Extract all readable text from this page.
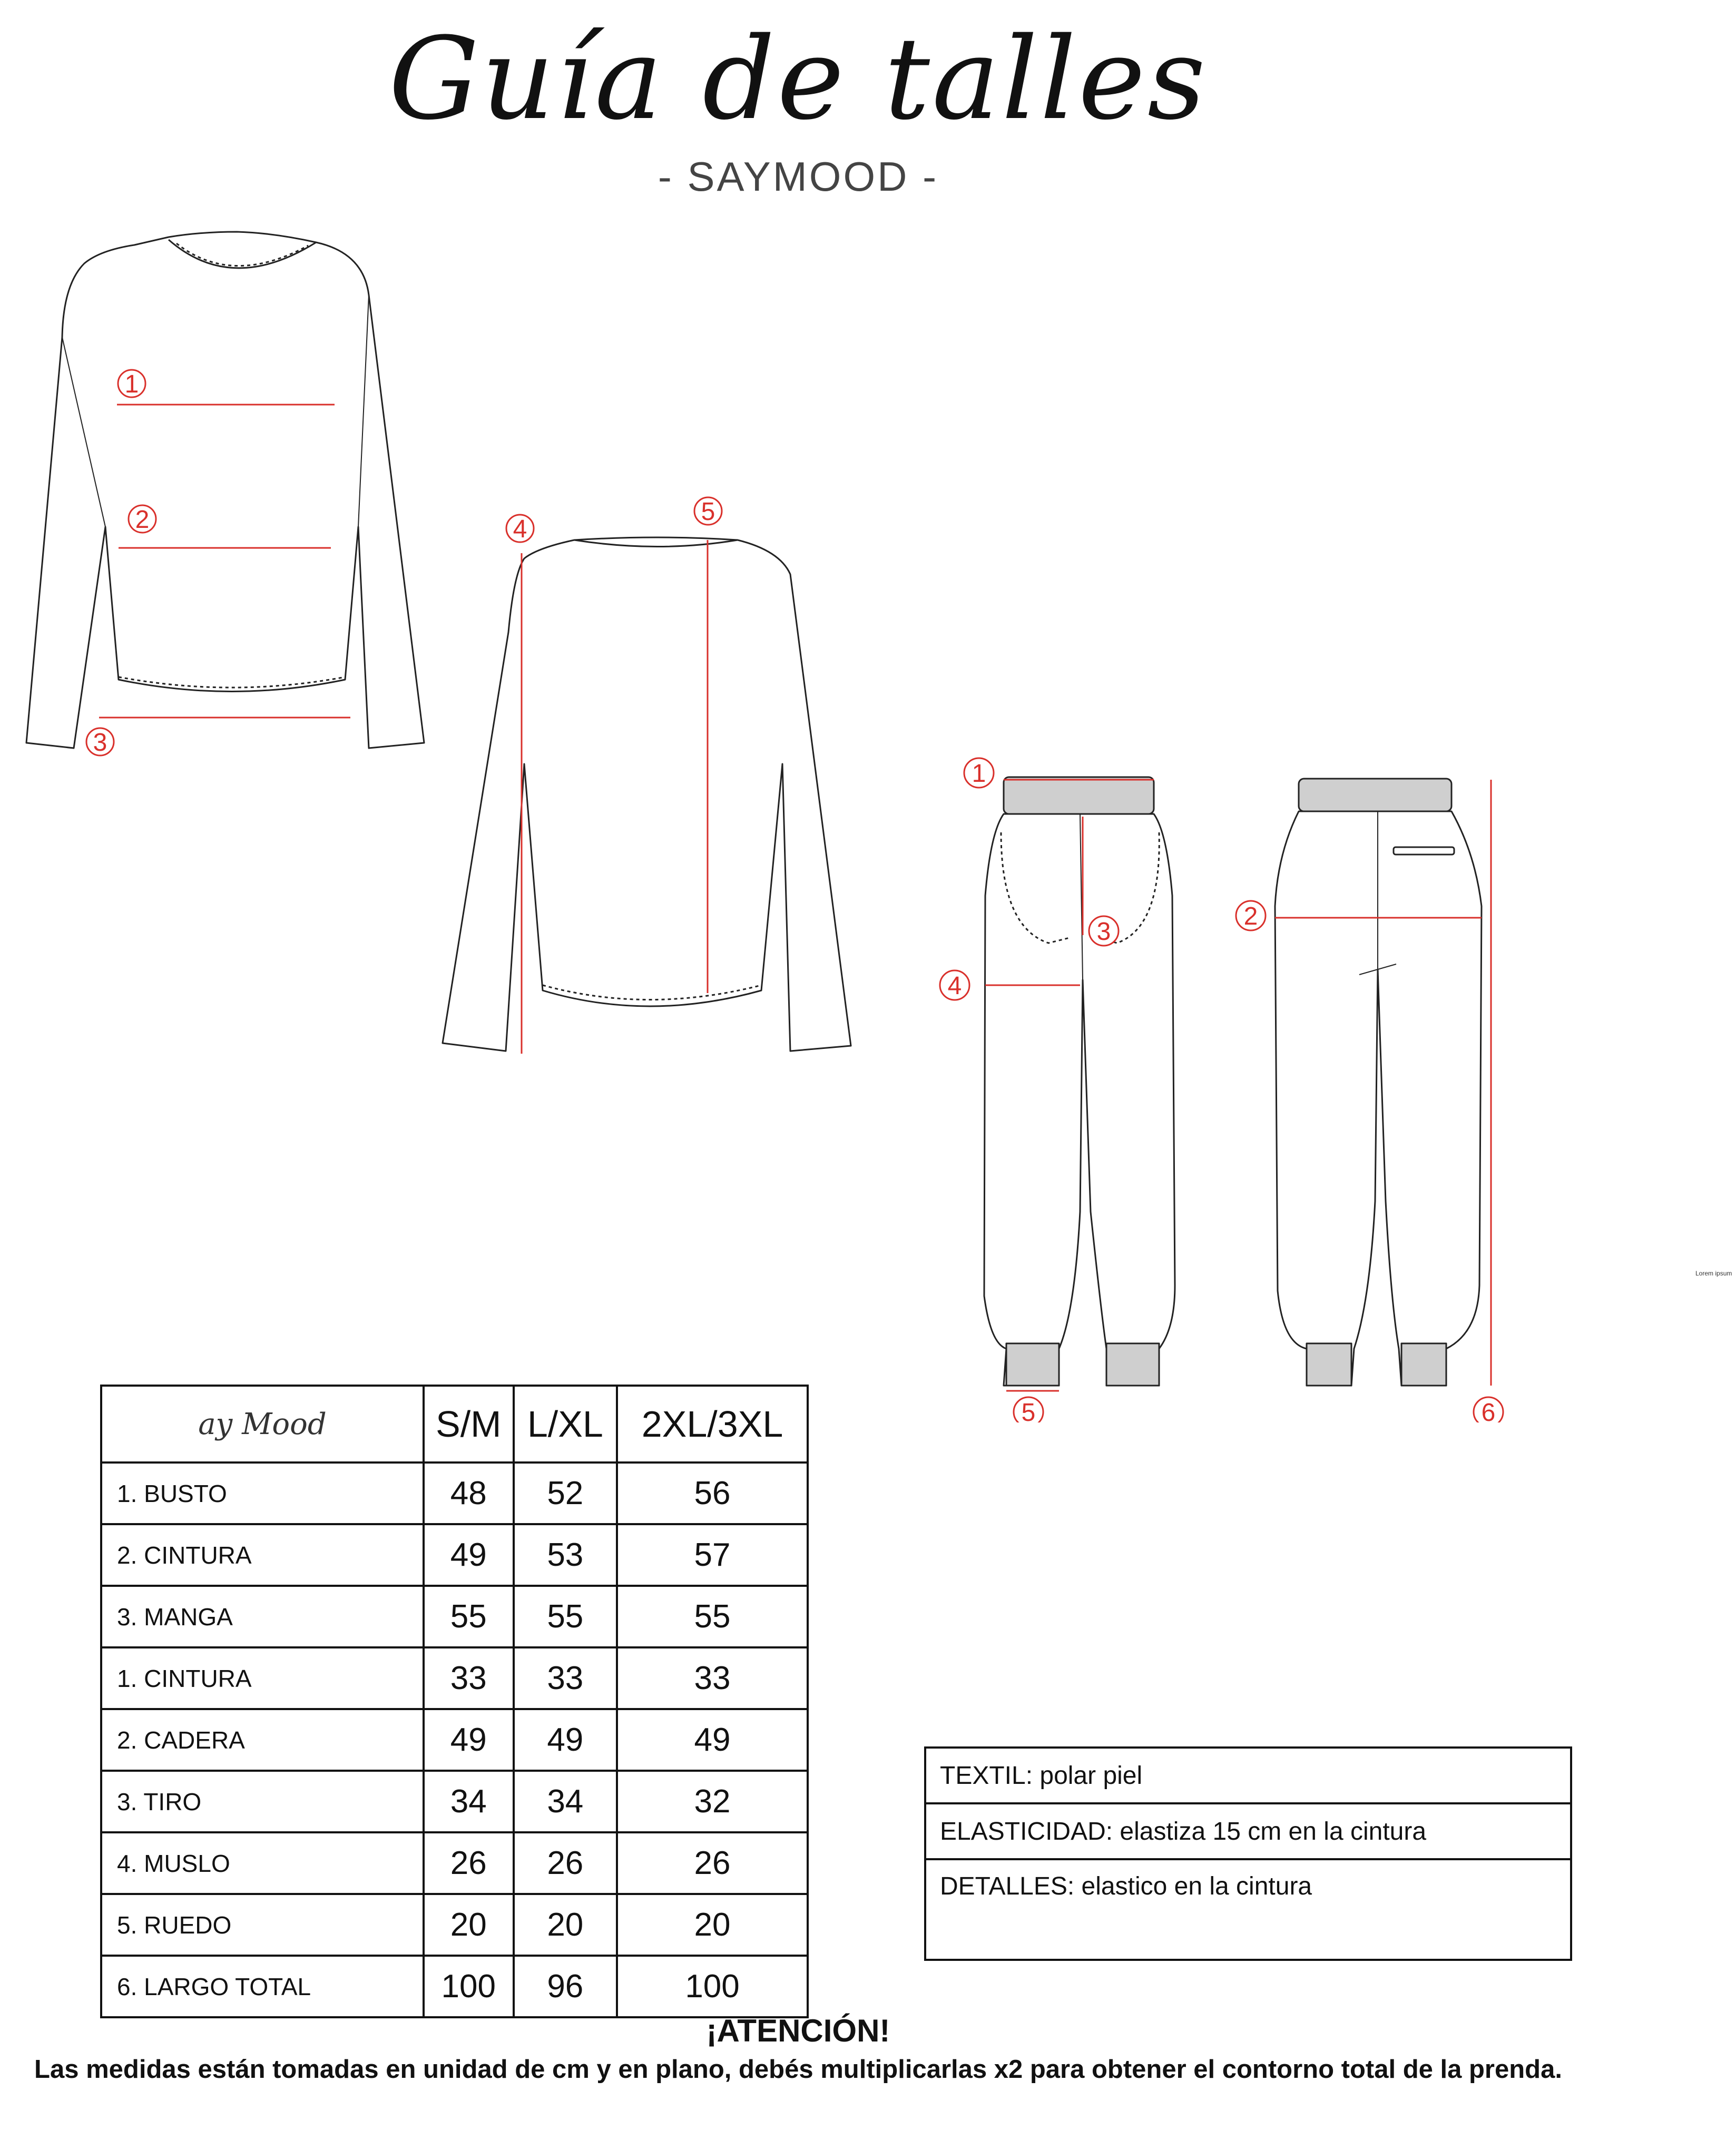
Guía de talles
- SAYMOOD -
1
2
3
4
5
1
3
4
5
2
6
Lorem ipsum
ay Mood	S/M	L/XL	2XL/3XL
1. BUSTO	48	52	56
2. CINTURA	49	53	57
3. MANGA	55	55	55
1. CINTURA	33	33	33
2. CADERA	49	49	49
3. TIRO	34	34	32
4. MUSLO	26	26	26
5. RUEDO	20	20	20
6. LARGO TOTAL	100	96	100
TEXTIL: polar piel
ELASTICIDAD: elastiza 15 cm en la cintura
DETALLES: elastico en la cintura
¡ATENCIÓN!
Las medidas están tomadas en unidad de cm y en plano, debés multiplicarlas x2 para obtener el contorno total de la prenda.
